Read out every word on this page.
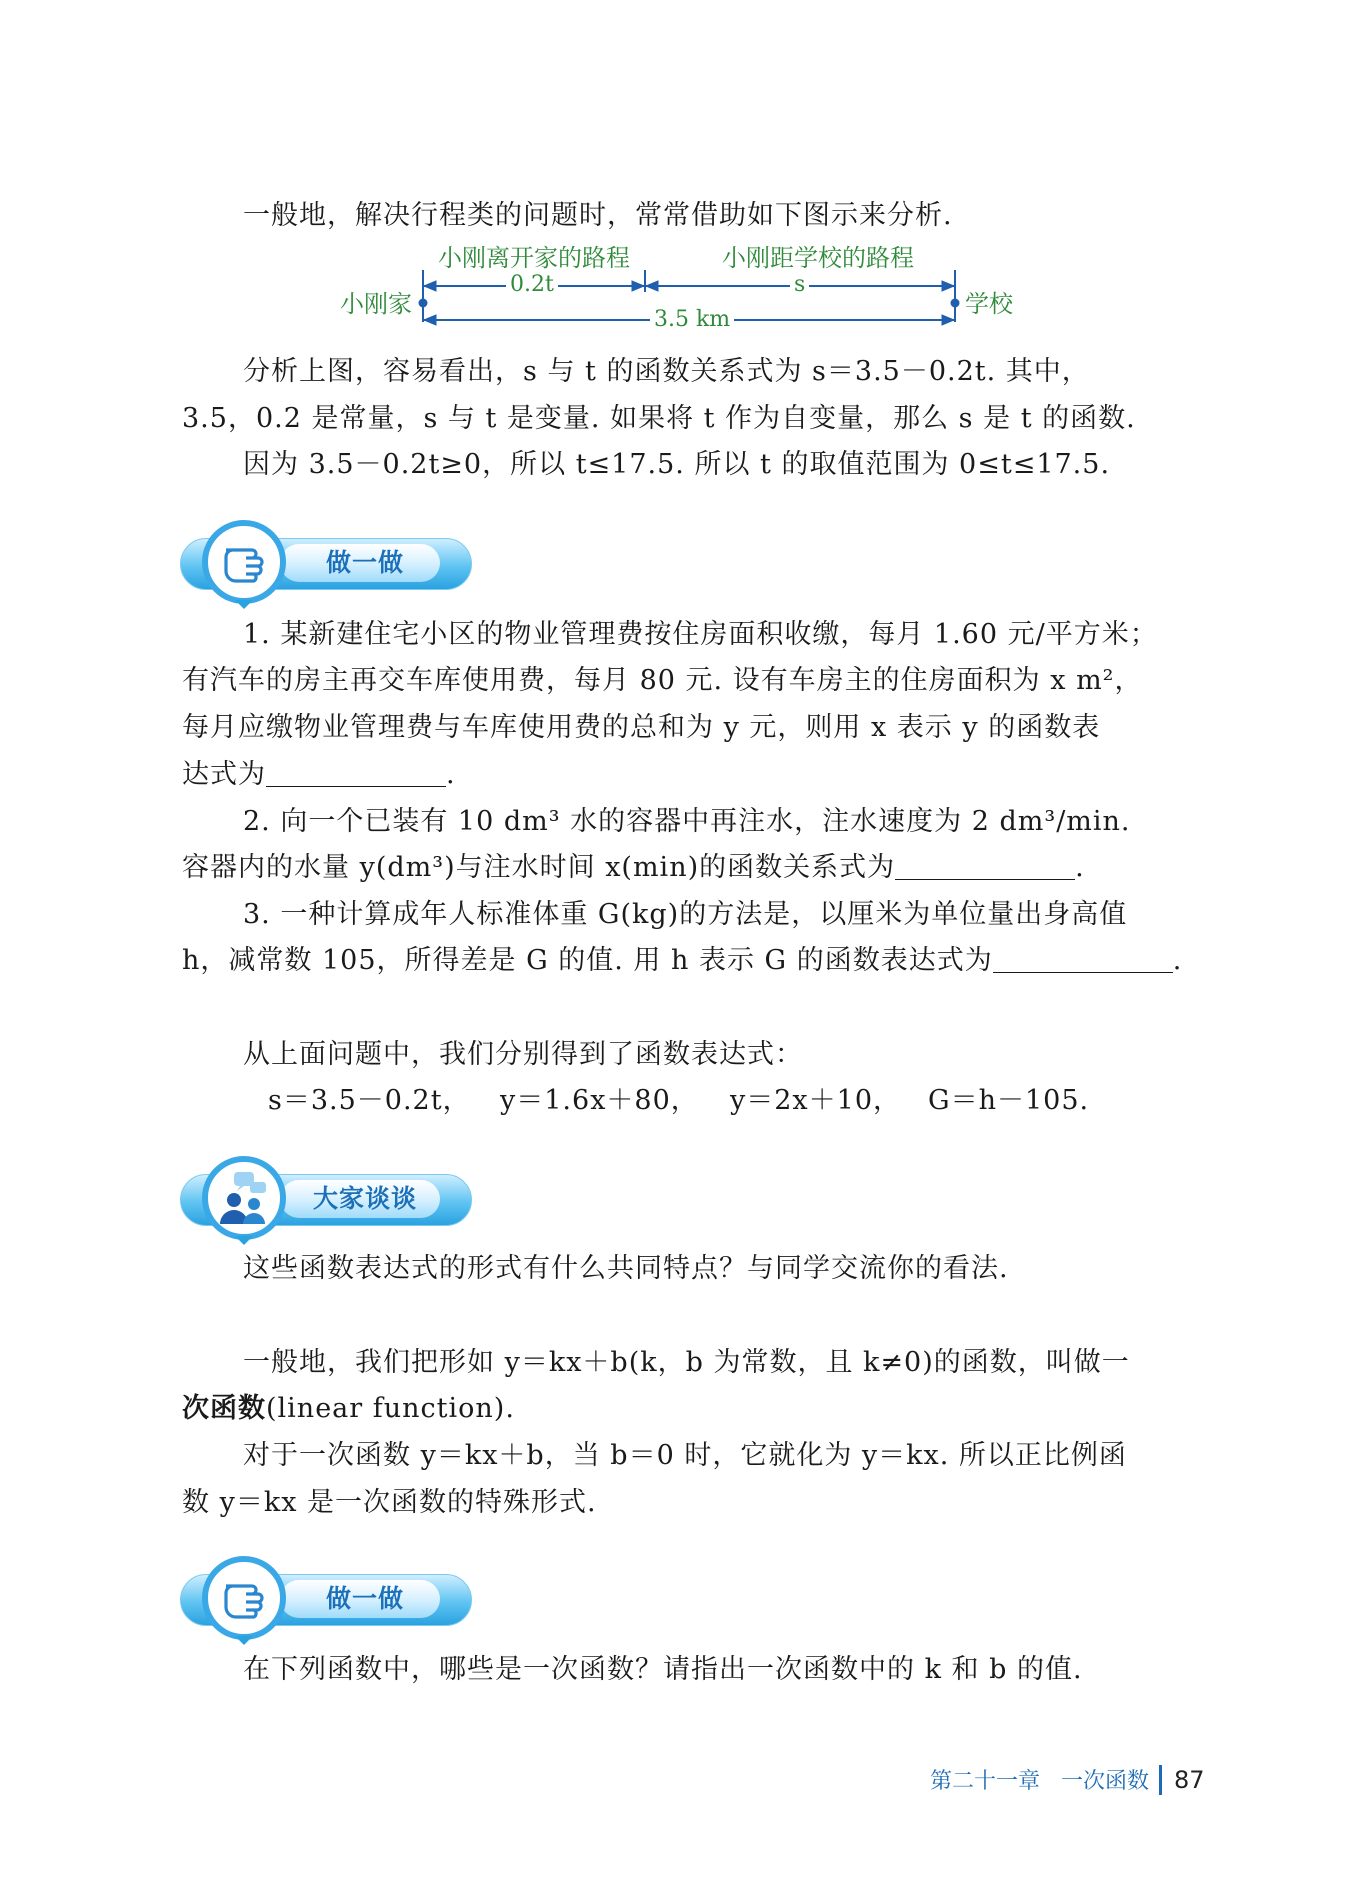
一般地，解决行程类的问题时，常常借助如下图示来分析.
小刚离开家的路程	小刚距学校的路程
小刚家	学校
0.2t	s
3.5 km
分析上图，容易看出，s 与 t 的函数关系式为 s＝3.5－0.2t. 其中，
3.5，0.2 是常量，s 与 t 是变量. 如果将 t 作为自变量，那么 s 是 t 的函数.
因为 3.5－0.2t≥0，所以 t≤17.5. 所以 t 的取值范围为 0≤t≤17.5.
做一做
1. 某新建住宅小区的物业管理费按住房面积收缴，每月 1.60 元/平方米；
有汽车的房主再交车库使用费，每月 80 元. 设有车房主的住房面积为 x m²，
每月应缴物业管理费与车库使用费的总和为 y 元，则用 x 表示 y 的函数表
达式为	.
2. 向一个已装有 10 dm³ 水的容器中再注水，注水速度为 2 dm³/min.
容器内的水量 y(dm³)与注水时间 x(min)的函数关系式为	.
3. 一种计算成年人标准体重 G(kg)的方法是，以厘米为单位量出身高值
h，减常数 105，所得差是 G 的值. 用 h 表示 G 的函数表达式为	.
从上面问题中，我们分别得到了函数表达式：
s＝3.5－0.2t， y＝1.6x＋80， y＝2x＋10， G＝h－105.
大家谈谈
这些函数表达式的形式有什么共同特点？与同学交流你的看法.
一般地，我们把形如 y＝kx＋b(k，b 为常数，且 k≠0)的函数，叫做一
次函数(linear function).
对于一次函数 y＝kx＋b，当 b＝0 时，它就化为 y＝kx. 所以正比例函
数 y＝kx 是一次函数的特殊形式.
做一做
在下列函数中，哪些是一次函数？请指出一次函数中的 k 和 b 的值.
第二十一章 一次函数 87
